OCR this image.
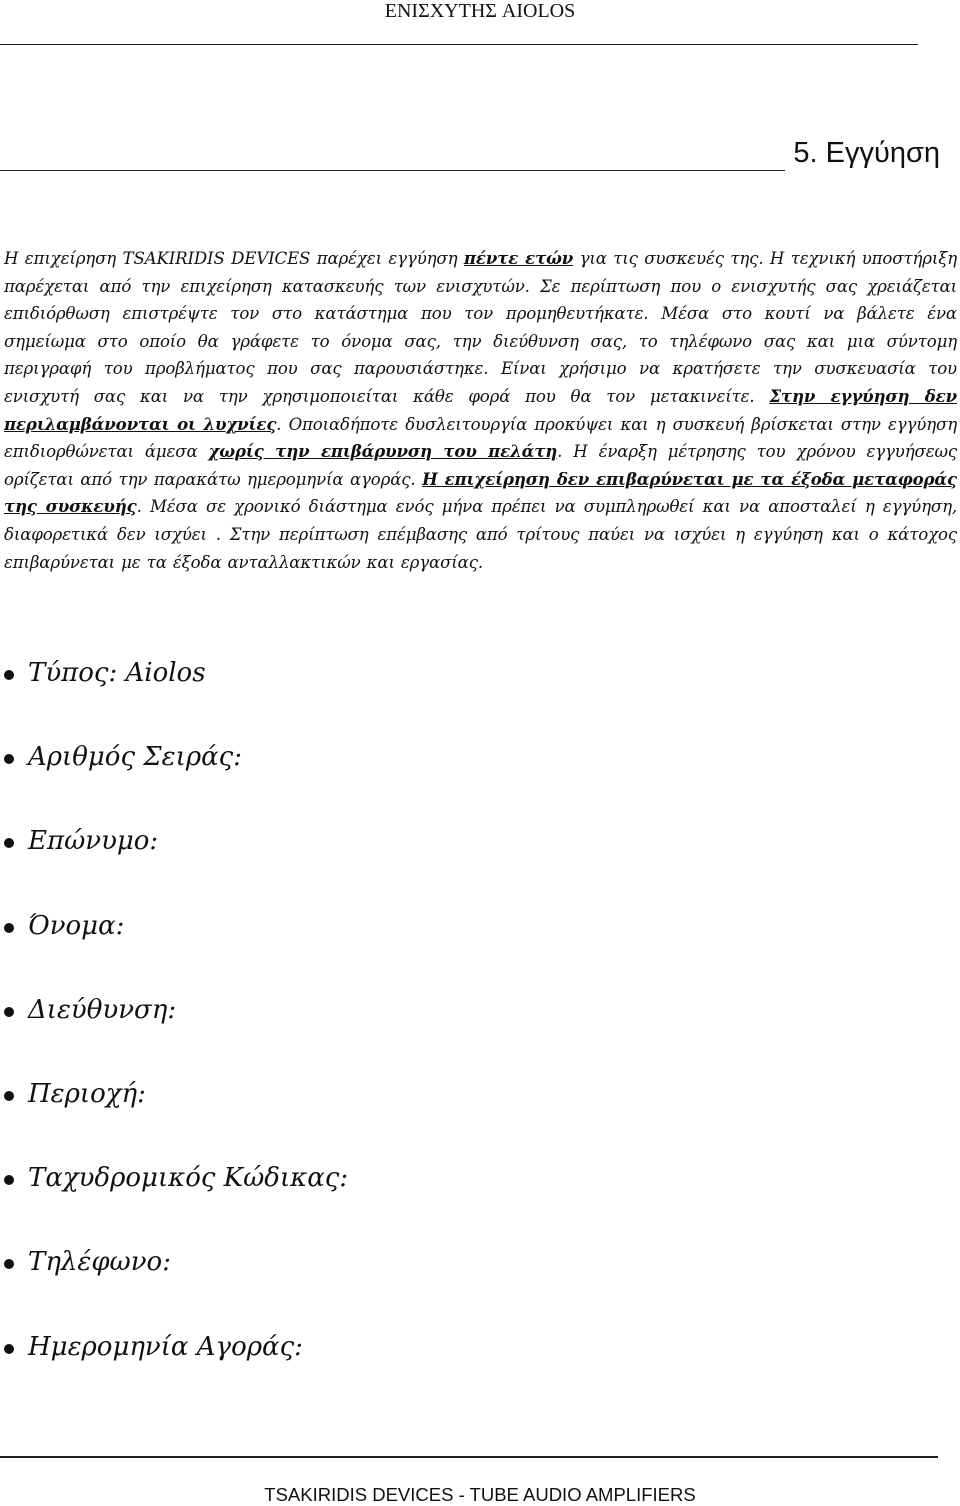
ΕΝΙΣΧΥΤΗΣ AIOLOS
5. Εγγύηση
Η επιχείρηση TSAKIRIDIS DEVICES παρέχει εγγύηση πέντε ετών για τις συσκευές της. Η τεχνική υποστήριξη παρέχεται από την επιχείρηση κατασκευής των ενισχυτών. Σε περίπτωση που ο ενισχυτής σας χρειάζεται επιδιόρθωση επιστρέψτε τον στο κατάστημα που τον προμηθευτήκατε. Μέσα στο κουτί να βάλετε ένα σημείωμα στο οποίο θα γράφετε το όνομα σας, την διεύθυνση σας, το τηλέφωνο σας και μια σύντομη περιγραφή του προβλήματος που σας παρουσιάστηκε. Είναι χρήσιμο να κρατήσετε την συσκευασία του ενισχυτή σας και να την χρησιμοποιείται κάθε φορά που θα τον μετακινείτε. Στην εγγύηση δεν περιλαμβάνονται οι λυχνίες. Οποιαδήποτε δυσλειτουργία προκύψει και η συσκευή βρίσκεται στην εγγύηση επιδιορθώνεται άμεσα χωρίς την επιβάρυνση του πελάτη. Η έναρξη μέτρησης του χρόνου εγγυήσεως ορίζεται από την παρακάτω ημερομηνία αγοράς. Η επιχείρηση δεν επιβαρύνεται με τα έξοδα μεταφοράς της συσκευής. Μέσα σε χρονικό διάστημα ενός μήνα πρέπει να συμπληρωθεί και να αποσταλεί η εγγύηση, διαφορετικά δεν ισχύει . Στην περίπτωση επέμβασης από τρίτους παύει να ισχύει η εγγύηση και ο κάτοχος επιβαρύνεται με τα έξοδα ανταλλακτικών και εργασίας.
Τύπος: Aiolos
Αριθμός Σειράς:
Επώνυμο:
Όνομα:
Διεύθυνση:
Περιοχή:
Ταχυδρομικός Κώδικας:
Τηλέφωνο:
Ημερομηνία Αγοράς:
TSAKIRIDIS DEVICES - TUBE AUDIO AMPLIFIERS
